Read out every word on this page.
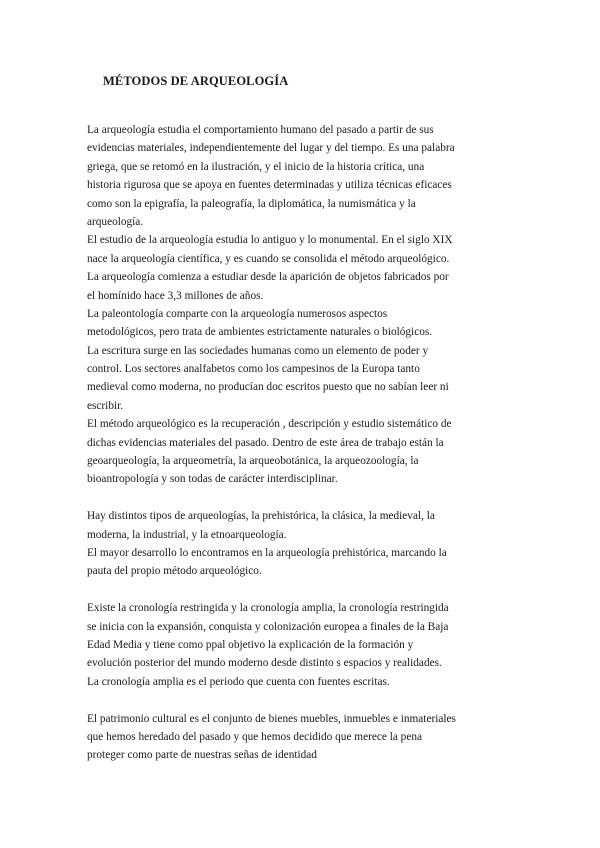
MÉTODOS DE ARQUEOLOGÍA
La arqueología estudia el comportamiento humano del pasado a partir de sus
evidencias materiales, independientemente del lugar y del tiempo. Es una palabra
griega, que se retomó en la ilustración, y el inicio de la historia crítica, una
historia rigurosa que se apoya en fuentes determinadas y utiliza técnicas eficaces
como son la epigrafía, la paleografía, la diplomática, la numismática y la
arqueología.
El estudio de la arqueología estudia lo antiguo y lo monumental. En el siglo XIX
nace la arqueología científica, y es cuando se consolida el método arqueológico.
La arqueología comienza a estudiar desde la aparición de objetos fabricados por
el homínido hace 3,3 millones de años.
La paleontología comparte con la arqueología numerosos aspectos
metodológicos, pero trata de ambientes estrictamente naturales o biológicos.
La escritura surge en las sociedades humanas como un elemento de poder y
control. Los sectores analfabetos como los campesinos de la Europa tanto
medieval como moderna, no producían doc escritos puesto que no sabían leer ni
escribir.
El método arqueológico es la recuperación , descripción y estudio sistemático de
dichas evidencias materiales del pasado. Dentro de este área de trabajo están la
geoarqueología, la arqueometría, la arqueobotánica, la arqueozoología, la
bioantropología y son todas de carácter interdisciplinar.
Hay distintos tipos de arqueologías, la prehistórica, la clásica, la medieval, la
moderna, la industrial, y la etnoarqueología.
El mayor desarrollo lo encontramos en la arqueología prehistórica, marcando la
pauta del propio método arqueológico.
Existe la cronología restringida y la cronología amplia, la cronología restringida
se inicia con la expansión, conquista y colonización europea a finales de la Baja
Edad Media y tiene como ppal objetivo la explicación de la formación y
evolución posterior del mundo moderno desde distinto s espacios y realidades.
La cronología amplia es el periodo que cuenta con fuentes escritas.
El patrimonio cultural es el conjunto de bienes muebles, inmuebles e inmateriales
que hemos heredado del pasado y que hemos decidido que merece la pena
proteger como parte de nuestras señas de identidad
